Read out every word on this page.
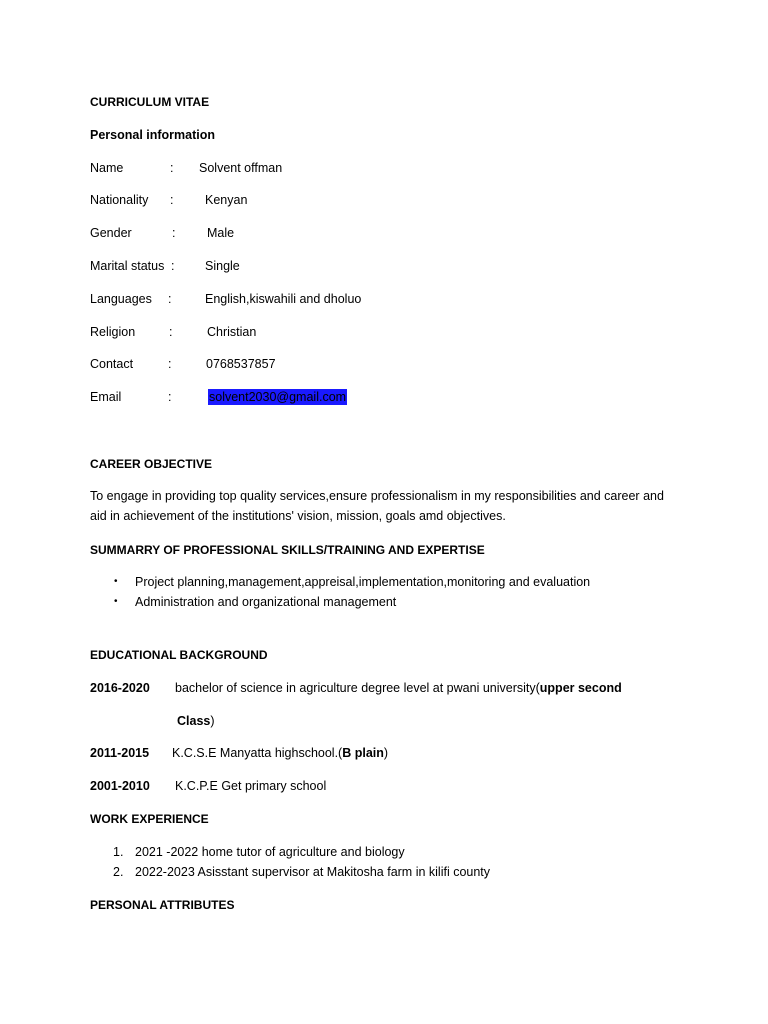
CURRICULUM VITAE
Personal information
Name	: Solvent offman
Nationality :	Kenyan
Gender	:	Male
Marital status : Single
Languages :	English,kiswahili and dholuo
Religion	:	Christian
Contact	:	0768537857
Email	:	solvent2030@gmail.com
CAREER OBJECTIVE
To engage in providing top quality services,ensure professionalism in my responsibilities and career and aid in achievement of the institutions' vision, mission, goals amd objectives.
SUMMARRY OF PROFESSIONAL SKILLS/TRAINING AND EXPERTISE
• Project planning,management,appreisal,implementation,monitoring and evaluation
• Administration and organizational management
EDUCATIONAL BACKGROUND
2016-2020 bachelor of science in agriculture degree level at pwani university(upper second
Class)
2011-2015 K.C.S.E Manyatta highschool.(B plain)
2001-2010 K.C.P.E Get primary school
WORK EXPERIENCE
1. 2021 -2022 home tutor of agriculture and biology
2. 2022-2023 Asisstant supervisor at Makitosha farm in kilifi county
PERSONAL ATTRIBUTES
